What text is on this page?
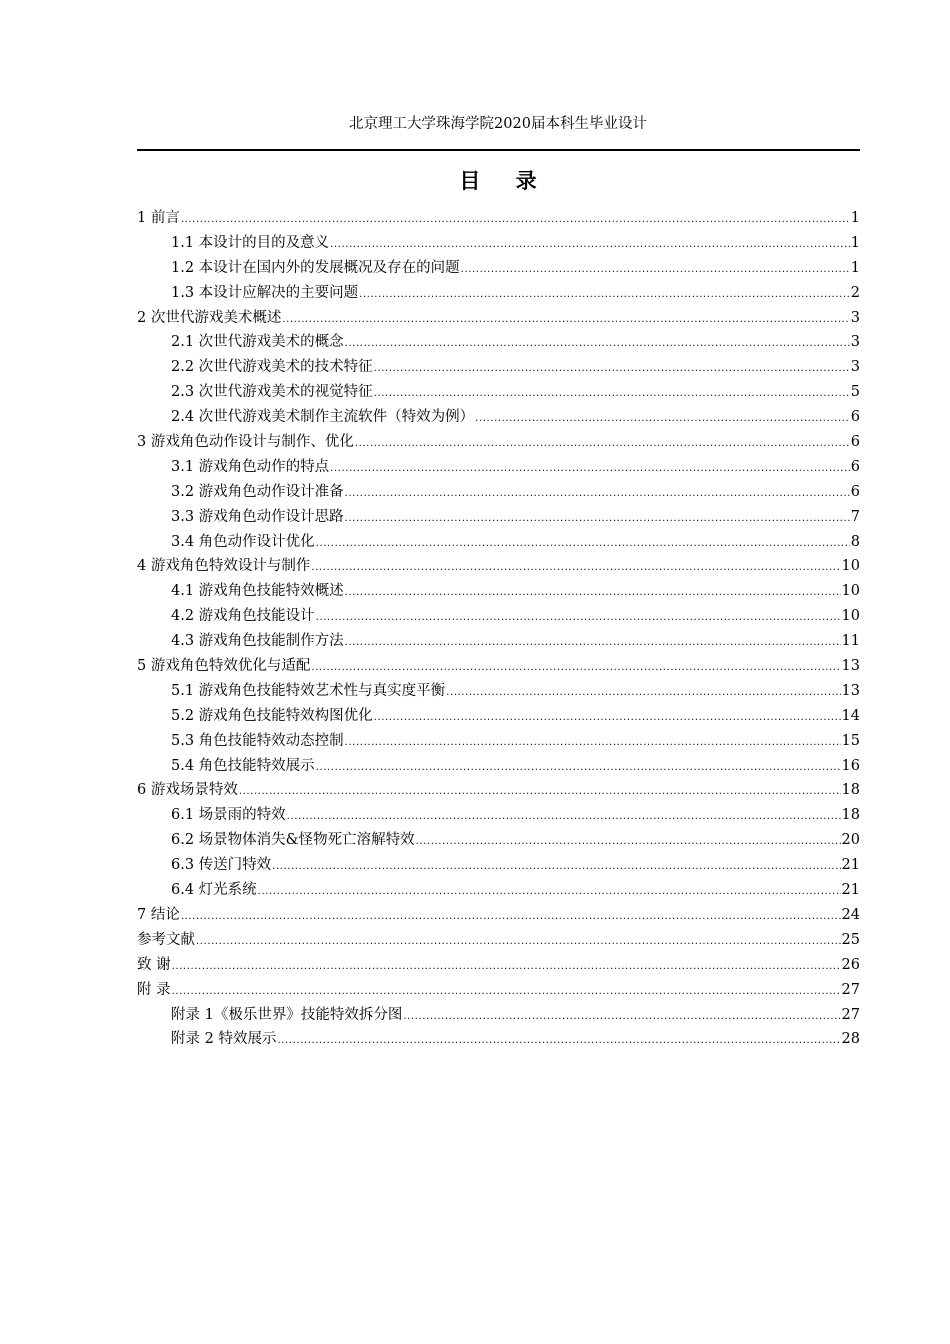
北京理工大学珠海学院2020届本科生毕业设计
目 录
1 前言 .....	1
1.1 本设计的目的及意义 .....	1
1.2 本设计在国内外的发展概况及存在的问题 .....	1
1.3 本设计应解决的主要问题 .....	2
2 次世代游戏美术概述 .....	3
2.1 次世代游戏美术的概念 .....	3
2.2 次世代游戏美术的技术特征 .....	3
2.3 次世代游戏美术的视觉特征 .....	5
2.4 次世代游戏美术制作主流软件（特效为例） .....	6
3 游戏角色动作设计与制作、优化 .....	6
3.1 游戏角色动作的特点 .....	6
3.2 游戏角色动作设计准备 .....	6
3.3 游戏角色动作设计思路 .....	7
3.4 角色动作设计优化 .....	8
4 游戏角色特效设计与制作 .....	10
4.1 游戏角色技能特效概述 .....	10
4.2 游戏角色技能设计 .....	10
4.3 游戏角色技能制作方法 .....	11
5 游戏角色特效优化与适配 .....	13
5.1 游戏角色技能特效艺术性与真实度平衡 .....	13
5.2 游戏角色技能特效构图优化 .....	14
5.3 角色技能特效动态控制 .....	15
5.4 角色技能特效展示 .....	16
6 游戏场景特效 .....	18
6.1 场景雨的特效 .....	18
6.2 场景物体消失&怪物死亡溶解特效 .....	20
6.3 传送门特效 .....	21
6.4 灯光系统 .....	21
7 结论 .....	24
参考文献 .....	25
致 谢 .....	26
附 录 .....	27
附录 1《极乐世界》技能特效拆分图 .....	27
附录 2 特效展示 .....	28
